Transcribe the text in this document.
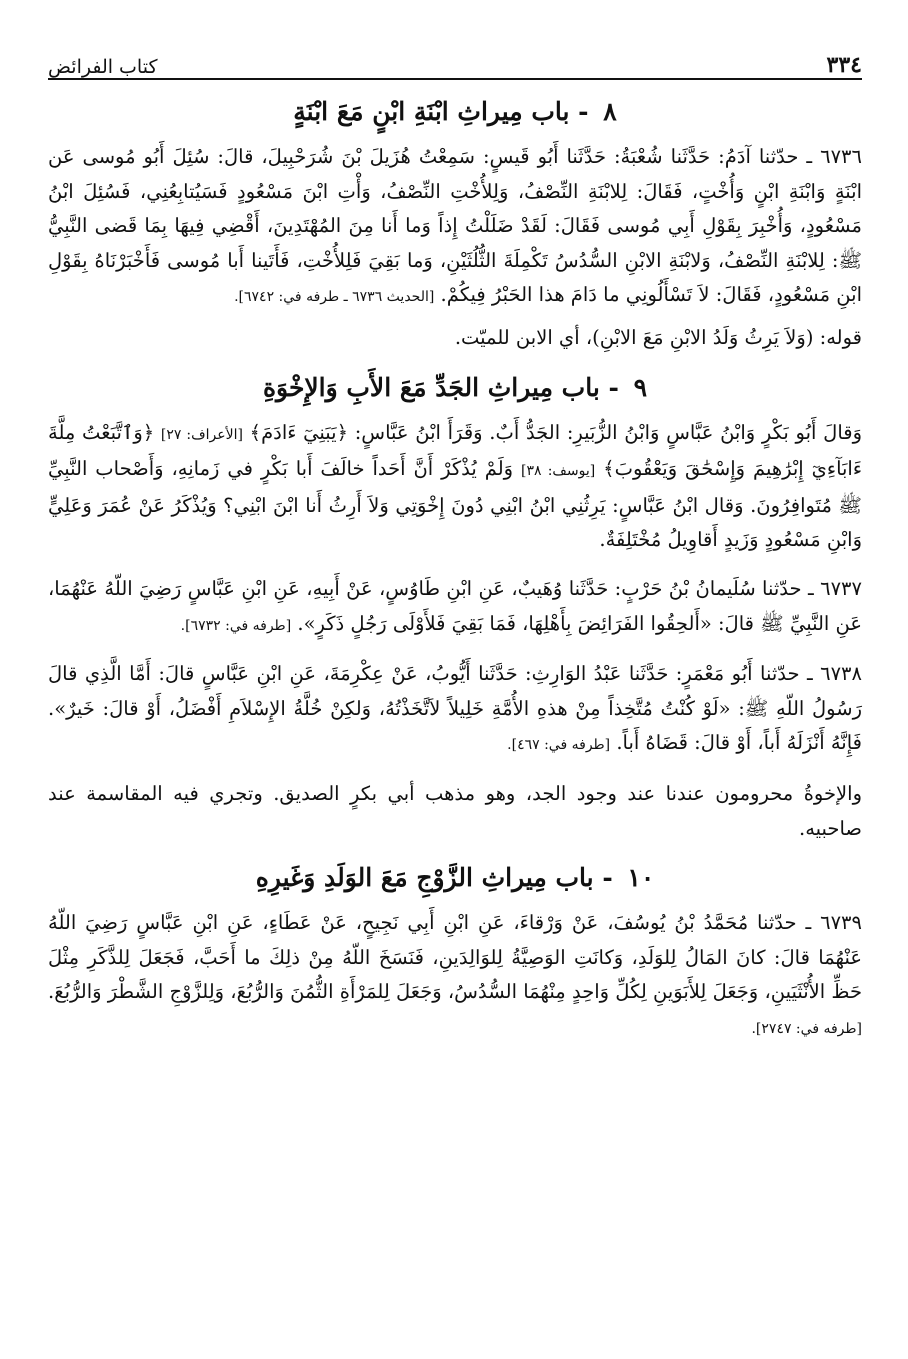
٣٣٤
كتاب الفرائض
٨ - باب مِيراثِ ابْنَةِ ابْنٍ مَعَ ابْنَةٍ

٦٧٣٦ ـ حدّثنا آدَمُ: حَدَّثَنا شُعْبَةُ: حَدَّثَنا أَبُو قَيسٍ: سَمِعْتُ هُزَيلَ بْنَ شُرَحْبِيلَ، قالَ: سُئِلَ أَبُو مُوسى عَن ابْنَةٍ وَابْنَةِ ابْنٍ وَأُخْتٍ، فَقَالَ: لِلابْنَةِ النِّصْفُ، وَلِلأُخْتِ النِّصْفُ، وَأْتِ ابْنَ مَسْعُودٍ فَسَيُتابِعُنِي، فَسُئِلَ ابْنُ مَسْعُودٍ، وَأُخْبِرَ بِقَوْلِ أَبِي مُوسى فَقَالَ: لَقَدْ ضَلَلْتُ إِذاً وَما أَنا مِنَ المُهْتَدِينَ، أَقْضِي فِيهَا بِمَا قَضى النَّبِيُّ ﷺ: لِلابْنَةِ النِّصْفُ، وَلابْنَةِ الابْنِ السُّدُسُ تَكْمِلَةَ الثُّلُثَيْنِ، وَما بَقِيَ فَلِلأُخْتِ، فَأَتَينا أَبا مُوسى فَأَخْبَرْنَاهُ بِقَوْلِ ابْنِ مَسْعُودٍ، فَقَالَ: لاَ تَسْأَلُونِي ما دَامَ هذا الحَبْرُ فِيكُمْ. [الحديث ٦٧٣٦ ـ طرفه في: ٦٧٤٢].

قوله: (وَلاَ يَرِثُ وَلَدُ الابْنِ مَعَ الابْنِ)، أي الابن للميّت.

٩ - باب مِيراثِ الجَدِّ مَعَ الأَبِ وَالإِخْوَةِ

وَقالَ أَبُو بَكْرٍ وَابْنُ عَبَّاسٍ وَابْنُ الزُّبَيرِ: الجَدُّ أَبٌ. وَقَرَأَ ابْنُ عَبَّاسٍ: ﴿يَبَنِيٓ ءَادَمَ﴾ [الأعراف: ٢٧] ﴿وَٱتَّبَعْتُ مِلَّةَ ءَابَآءِيٓ إِبْرَٰهِيمَ وَإِسْحَٰقَ وَيَعْقُوبَ﴾ [يوسف: ٣٨] وَلَمْ يُذْكَرْ أَنَّ أَحَداً خالَفَ أَبا بَكْرٍ في زَمانِهِ، وَأَصْحاب النَّبِيِّ ﷺ مُتَوافِرُونَ. وَقال ابْنُ عَبَّاسٍ: يَرِثُنِي ابْنُ ابْنِي دُونَ إِخْوَتِي وَلاَ أَرِثُ أَنا ابْنَ ابْنِي؟ وَيُذْكَرُ عَنْ عُمَرَ وَعَلِيٍّ وَابْنِ مَسْعُودٍ وَزَيدٍ أَقاوِيلُ مُخْتَلِفَةٌ.

٦٧٣٧ ـ حدّثنا سُلَيمانُ بْنُ حَرْبٍ: حَدَّثَنا وُهَيبٌ، عَنِ ابْنِ طَاوُسٍ، عَنْ أَبِيهِ، عَنِ ابْنِ عَبَّاسٍ رَضِيَ اللّهُ عَنْهُمَا، عَنِ النَّبِيِّ ﷺ قالَ: «أَلحِقُوا الفَرَائِضَ بِأَهْلِهَا، فَمَا بَقِيَ فَلأَوْلَى رَجُلٍ ذَكَرٍ». [طرفه في: ٦٧٣٢].

٦٧٣٨ ـ حدّثنا أَبُو مَعْمَرٍ: حَدَّثَنا عَبْدُ الوَارِثِ: حَدَّثَنا أَيُّوبُ، عَنْ عِكْرِمَةَ، عَنِ ابْنِ عَبَّاسٍ قالَ: أَمَّا الَّذِي قالَ رَسُولُ اللّهِ ﷺ: «لَوْ كُنْتُ مُتَّخِذاً مِنْ هذهِ الأُمَّةِ خَلِيلاً لاَتَّخَذْتُهُ، وَلكِنْ خُلَّةُ الإِسْلاَمِ أَفْضَلُ، أَوْ قالَ: خَيرٌ». فَإِنَّهُ أَنْزَلَهُ أَباً، أَوْ قالَ: قَضَاهُ أَباً. [طرفه في: ٤٦٧].

والإخوةُ محرومون عندنا عند وجود الجد، وهو مذهب أبي بكرٍ الصديق. وتجري فيه المقاسمة عند صاحبيه.

١٠ - باب مِيراثِ الزَّوْجِ مَعَ الوَلَدِ وَغَيرِهِ

٦٧٣٩ ـ حدّثنا مُحَمَّدُ بْنُ يُوسُفَ، عَنْ وَرْقاءَ، عَنِ ابْنِ أَبِي نَجِيحٍ، عَنْ عَطَاءٍ، عَنِ ابْنِ عَبَّاسٍ رَضِيَ اللّهُ عَنْهُمَا قالَ: كانَ المَالُ لِلوَلَدِ، وَكانَتِ الوَصِيَّةُ لِلوَالِدَينِ، فَنَسَخَ اللّهُ مِنْ ذلِكَ ما أَحَبَّ، فَجَعَلَ لِلذَّكَرِ مِثْلَ حَظِّ الأُنْثَيَينِ، وَجَعَلَ لِلأَبَوَينِ لِكُلِّ وَاحِدٍ مِنْهُمَا السُّدُسُ، وَجَعَلَ لِلمَرْأَةِ الثُّمُنَ وَالرُّبُعَ، وَلِلزَّوْجِ الشَّطْرَ وَالرُّبُعَ. [طرفه في: ٢٧٤٧].
